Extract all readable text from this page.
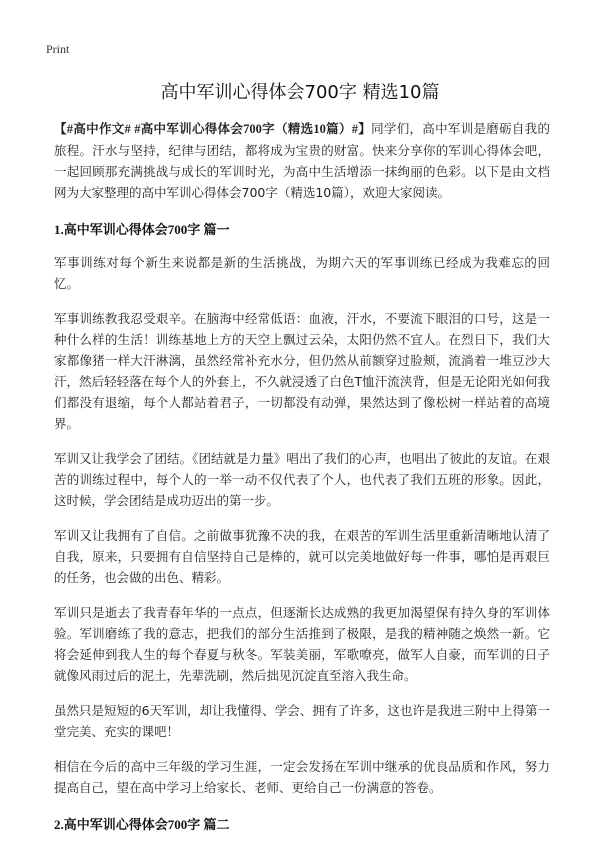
Print
高中军训心得体会700字 精选10篇

【#高中作文# #高中军训心得体会700字（精选10篇）#】同学们，高中军训是磨砺自我的旅程。汗水与坚持，纪律与团结，都将成为宝贵的财富。快来分享你的军训心得体会吧，一起回顾那充满挑战与成长的军训时光，为高中生活增添一抹绚丽的色彩。以下是由文档网为大家整理的高中军训心得体会700字（精选10篇），欢迎大家阅读。

1.高中军训心得体会700字 篇一

军事训练对每个新生来说都是新的生活挑战，为期六天的军事训练已经成为我难忘的回忆。

军事训练教我忍受艰辛。在脑海中经常低语：血液，汗水，不要流下眼泪的口号，这是一种什么样的生活！训练基地上方的天空上飘过云朵，太阳仍然不宜人。在烈日下，我们大家都像猪一样大汗淋漓，虽然经常补充水分，但仍然从前额穿过脸颊，流淌着一堆豆沙大汗，然后轻轻落在每个人的外套上，不久就浸透了白色T恤汗流浃背，但是无论阳光如何我们都没有退缩，每个人都站着君子，一切都没有动弹，果然达到了像松树一样站着的高境界。

军训又让我学会了团结。《团结就是力量》唱出了我们的心声，也唱出了彼此的友谊。在艰苦的训练过程中，每个人的一举一动不仅代表了个人，也代表了我们五班的形象。因此，这时候，学会团结是成功迈出的第一步。

军训又让我拥有了自信。之前做事犹豫不决的我，在艰苦的军训生活里重新清晰地认清了自我，原来，只要拥有自信坚持自己是棒的，就可以完美地做好每一件事，哪怕是再艰巨的任务，也会做的出色、精彩。

军训只是逝去了我青春年华的一点点，但逐渐长达成熟的我更加渴望保有持久身的军训体验。军训磨练了我的意志，把我们的部分生活推到了极限，是我的精神随之焕然一新。它将会延伸到我人生的每个春夏与秋冬。军装美丽，军歌嘹亮，做军人自豪，而军训的日子就像风雨过后的泥土，先辈洗刷，然后拙见沉淀直至溶入我生命。

虽然只是短短的6天军训，却让我懂得、学会、拥有了许多，这也许是我进三附中上得第一堂完美、充实的课吧！

相信在今后的高中三年级的学习生涯，一定会发扬在军训中继承的优良品质和作风，努力提高自己，望在高中学习上给家长、老师、更给自己一份满意的答卷。

2.高中军训心得体会700字 篇二
